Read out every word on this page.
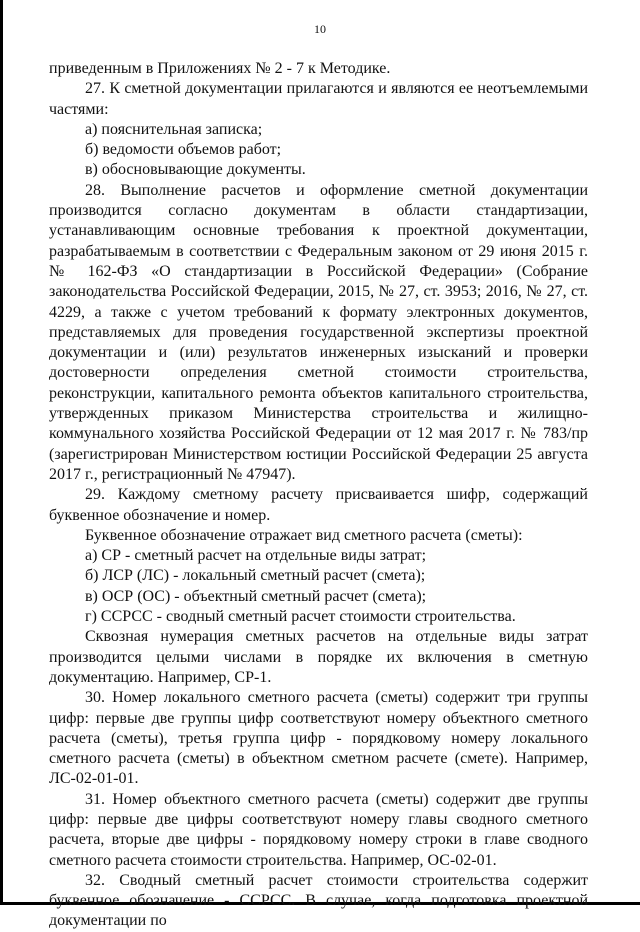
10

приведенным в Приложениях № 2 - 7 к Методике.

27. К сметной документации прилагаются и являются ее неотъемлемыми частями:

а) пояснительная записка;

б) ведомости объемов работ;

в) обосновывающие документы.

28. Выполнение расчетов и оформление сметной документации производится согласно документам в области стандартизации, устанавливающим основные требования к проектной документации, разрабатываемым в соответствии с Федеральным законом от 29 июня 2015 г. № 162-ФЗ «О стандартизации в Российской Федерации» (Собрание законодательства Российской Федерации, 2015, № 27, ст. 3953; 2016, № 27, ст. 4229, а также с учетом требований к формату электронных документов, представляемых для проведения государственной экспертизы проектной документации и (или) результатов инженерных изысканий и проверки достоверности определения сметной стоимости строительства, реконструкции, капитального ремонта объектов капитального строительства, утвержденных приказом Министерства строительства и жилищно-коммунального хозяйства Российской Федерации от 12 мая 2017 г. № 783/пр (зарегистрирован Министерством юстиции Российской Федерации 25 августа 2017 г., регистрационный № 47947).

29. Каждому сметному расчету присваивается шифр, содержащий буквенное обозначение и номер.

Буквенное обозначение отражает вид сметного расчета (сметы):

а) СР - сметный расчет на отдельные виды затрат;

б) ЛСР (ЛС) - локальный сметный расчет (смета);

в) ОСР (ОС) - объектный сметный расчет (смета);

г) ССРСС - сводный сметный расчет стоимости строительства.

Сквозная нумерация сметных расчетов на отдельные виды затрат производится целыми числами в порядке их включения в сметную документацию. Например, СР-1.

30. Номер локального сметного расчета (сметы) содержит три группы цифр: первые две группы цифр соответствуют номеру объектного сметного расчета (сметы), третья группа цифр - порядковому номеру локального сметного расчета (сметы) в объектном сметном расчете (смете). Например, ЛС-02-01-01.

31. Номер объектного сметного расчета (сметы) содержит две группы цифр: первые две цифры соответствуют номеру главы сводного сметного расчета, вторые две цифры - порядковому номеру строки в главе сводного сметного расчета стоимости строительства. Например, ОС-02-01.

32. Сводный сметный расчет стоимости строительства содержит буквенное обозначение - ССРСС. В случае, когда подготовка проектной документации по
